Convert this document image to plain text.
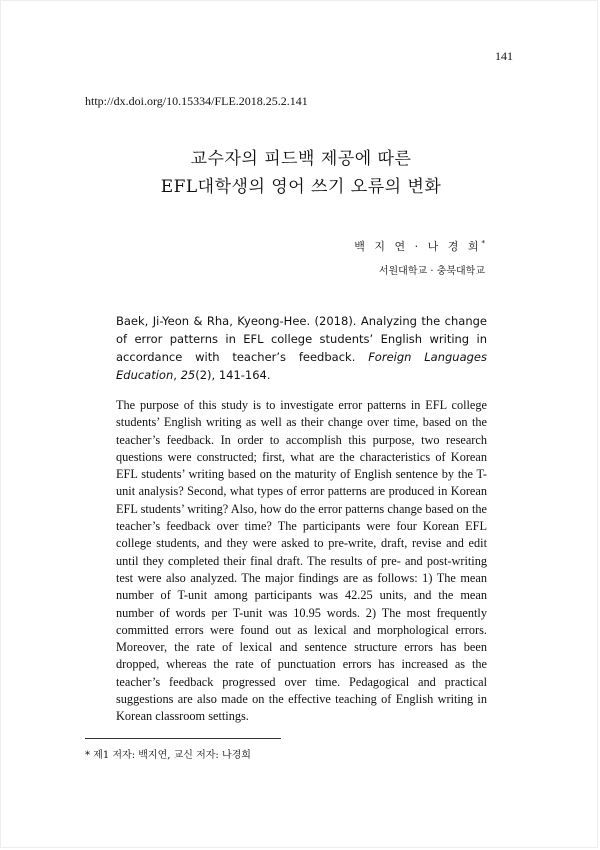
141
http://dx.doi.org/10.15334/FLE.2018.25.2.141
교수자의 피드백 제공에 따른
EFL대학생의 영어 쓰기 오류의 변화
백 지 연 · 나 경 희*
서원대학교 · 충북대학교
Baek, Ji-Yeon & Rha, Kyeong-Hee. (2018). Analyzing the change of error patterns in EFL college students’ English writing in accordance with teacher’s feedback. Foreign Languages Education, 25(2), 141-164.
The purpose of this study is to investigate error patterns in EFL college students’ English writing as well as their change over time, based on the teacher’s feedback. In order to accomplish this purpose, two research questions were constructed; first, what are the characteristics of Korean EFL students’ writing based on the maturity of English sentence by the T-unit analysis? Second, what types of error patterns are produced in Korean EFL students’ writing? Also, how do the error patterns change based on the teacher’s feedback over time? The participants were four Korean EFL college students, and they were asked to pre-write, draft, revise and edit until they completed their final draft. The results of pre- and post-writing test were also analyzed. The major findings are as follows: 1) The mean number of T-unit among participants was 42.25 units, and the mean number of words per T-unit was 10.95 words. 2) The most frequently committed errors were found out as lexical and morphological errors. Moreover, the rate of lexical and sentence structure errors has been dropped, whereas the rate of punctuation errors has increased as the teacher’s feedback progressed over time. Pedagogical and practical suggestions are also made on the effective teaching of English writing in Korean classroom settings.
* 제1 저자: 백지연, 교신 저자: 나경희
